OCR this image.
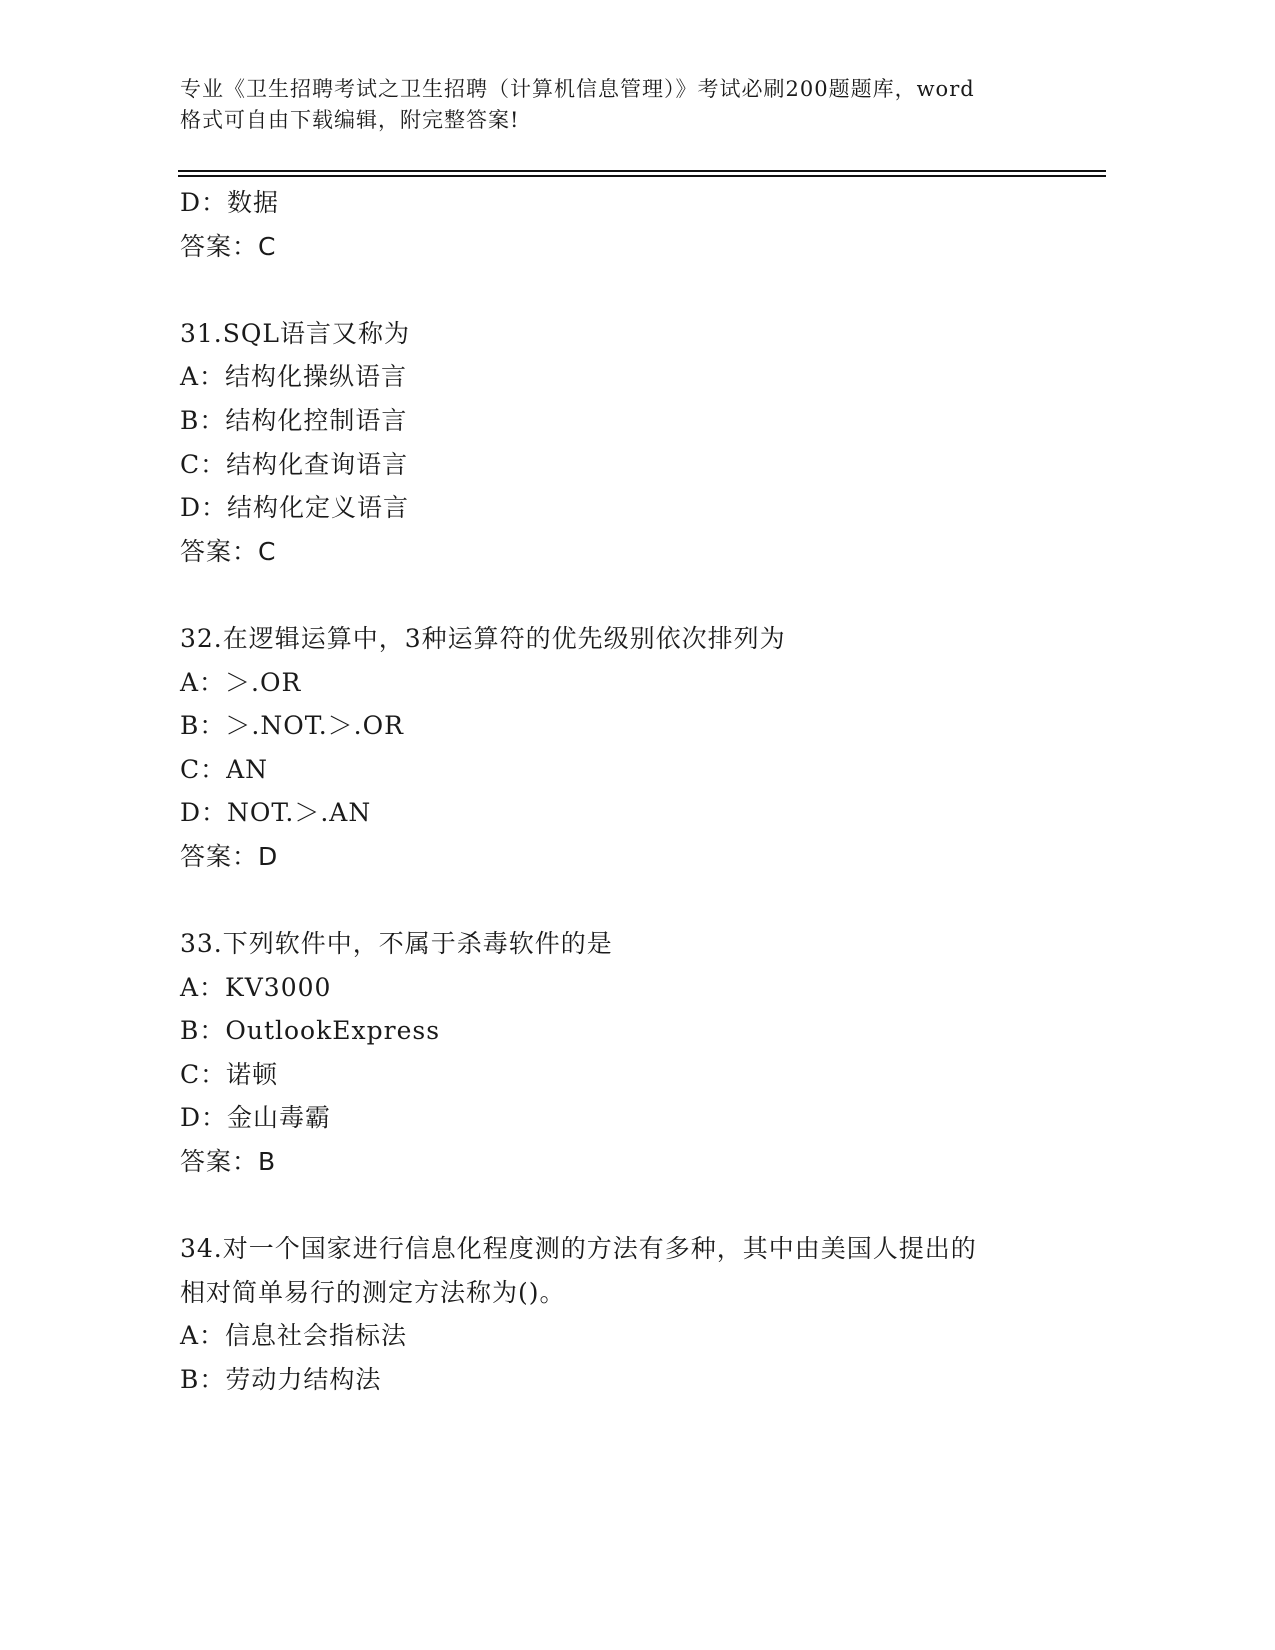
专业《卫生招聘考试之卫生招聘（计算机信息管理）》考试必刷200题题库，word
格式可自由下载编辑，附完整答案!
D：数据
答案：C
31.SQL语言又称为
A：结构化操纵语言
B：结构化控制语言
C：结构化查询语言
D：结构化定义语言
答案：C
32.在逻辑运算中，3种运算符的优先级别依次排列为
A：＞.OR
B：＞.NOT.＞.OR
C：AN
D：NOT.＞.AN
答案：D
33.下列软件中，不属于杀毒软件的是
A：KV3000
B：OutlookExpress
C：诺顿
D：金山毒霸
答案：B
34.对一个国家进行信息化程度测的方法有多种，其中由美国人提出的
相对简单易行的测定方法称为()。
A：信息社会指标法
B：劳动力结构法
